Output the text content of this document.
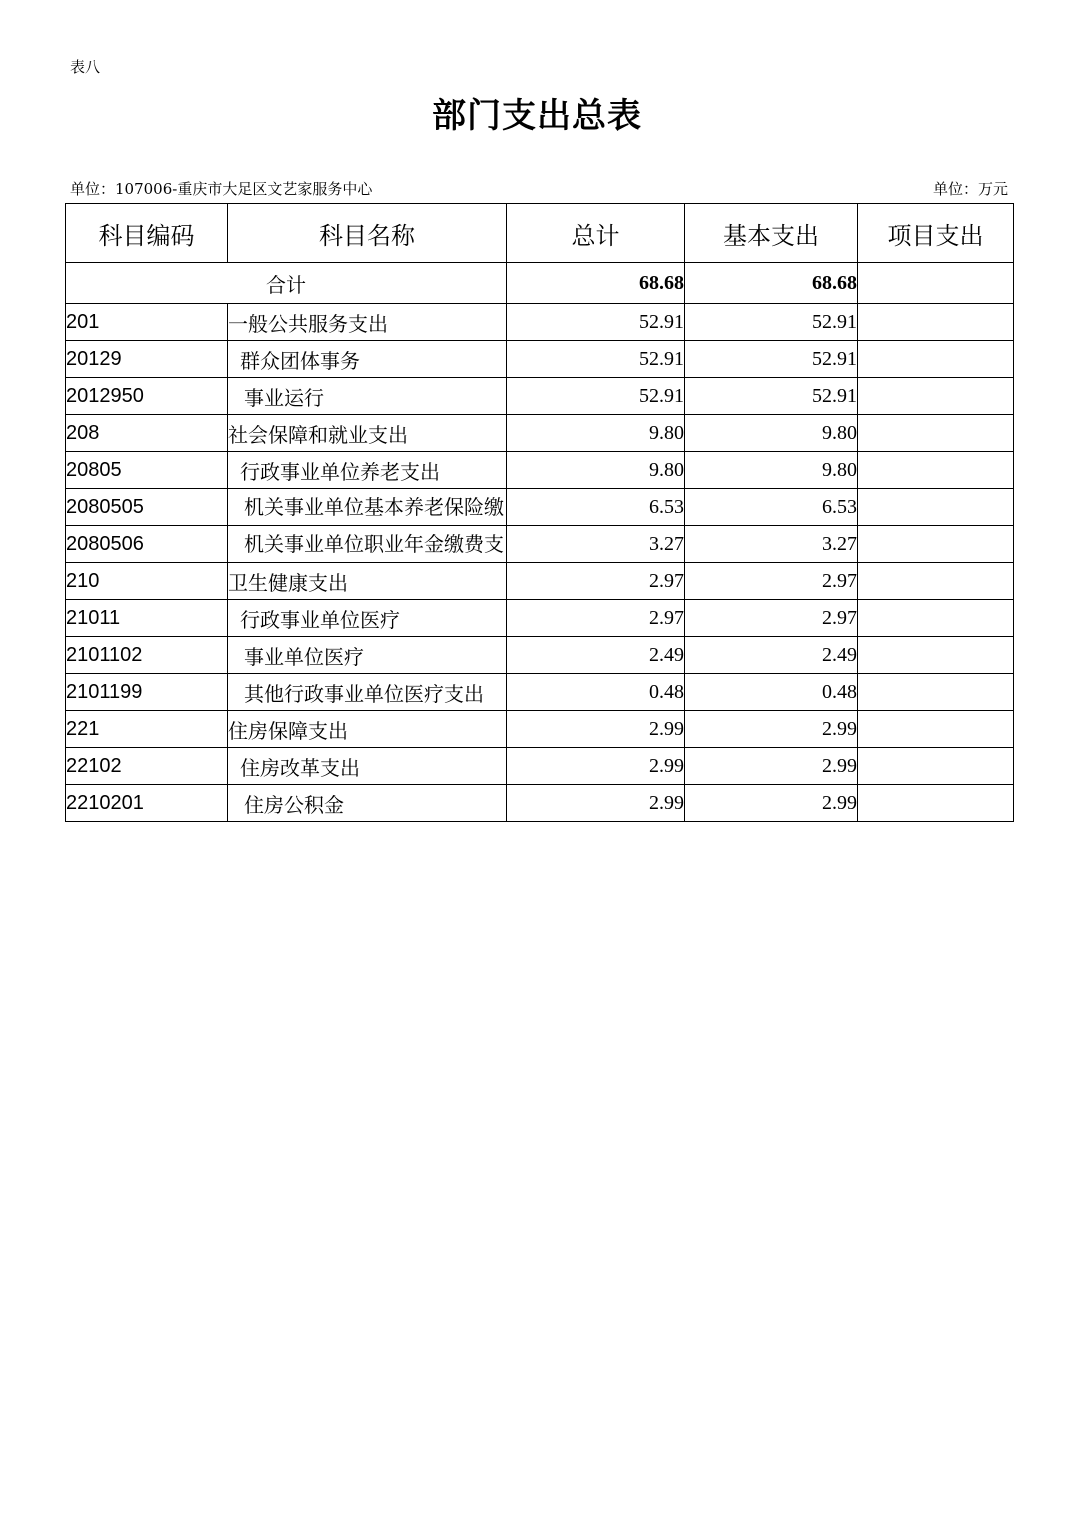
表八
部门支出总表
单位：107006-重庆市大足区文艺家服务中心	单位：万元
科目编码	科目名称	总计	基本支出	项目支出
合计		68.68	68.68	
201	一般公共服务支出	52.91	52.91	
20129	群众团体事务	52.91	52.91	
2012950	事业运行	52.91	52.91	
208	社会保障和就业支出	9.80	9.80	
20805	行政事业单位养老支出	9.80	9.80	
2080505	机关事业单位基本养老保险缴	6.53	6.53	
2080506	机关事业单位职业年金缴费支	3.27	3.27	
210	卫生健康支出	2.97	2.97	
21011	行政事业单位医疗	2.97	2.97	
2101102	事业单位医疗	2.49	2.49	
2101199	其他行政事业单位医疗支出	0.48	0.48	
221	住房保障支出	2.99	2.99	
22102	住房改革支出	2.99	2.99	
2210201	住房公积金	2.99	2.99	
